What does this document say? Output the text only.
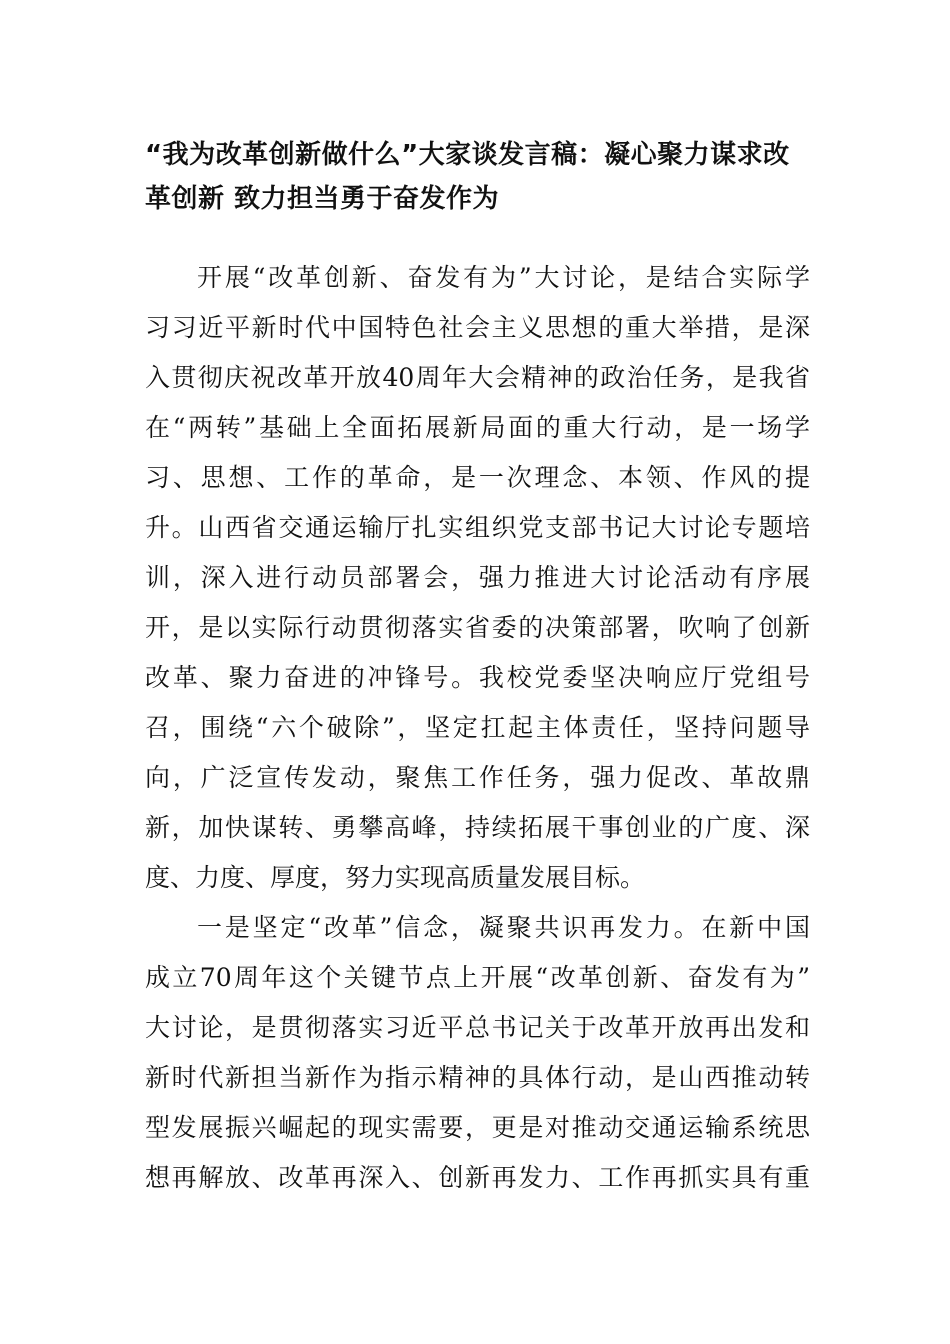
“我为改革创新做什么”大家谈发言稿：凝心聚力谋求改
革创新 致力担当勇于奋发作为
开展“改革创新、奋发有为”大讨论，是结合实际学
习习近平新时代中国特色社会主义思想的重大举措，是深
入贯彻庆祝改革开放40周年大会精神的政治任务，是我省
在“两转”基础上全面拓展新局面的重大行动，是一场学
习、思想、工作的革命，是一次理念、本领、作风的提
升。山西省交通运输厅扎实组织党支部书记大讨论专题培
训，深入进行动员部署会，强力推进大讨论活动有序展
开，是以实际行动贯彻落实省委的决策部署，吹响了创新
改革、聚力奋进的冲锋号。我校党委坚决响应厅党组号
召，围绕“六个破除”，坚定扛起主体责任，坚持问题导
向，广泛宣传发动，聚焦工作任务，强力促改、革故鼎
新，加快谋转、勇攀高峰，持续拓展干事创业的广度、深
度、力度、厚度，努力实现高质量发展目标。
一是坚定“改革”信念，凝聚共识再发力。在新中国
成立70周年这个关键节点上开展“改革创新、奋发有为”
大讨论，是贯彻落实习近平总书记关于改革开放再出发和
新时代新担当新作为指示精神的具体行动，是山西推动转
型发展振兴崛起的现实需要，更是对推动交通运输系统思
想再解放、改革再深入、创新再发力、工作再抓实具有重
